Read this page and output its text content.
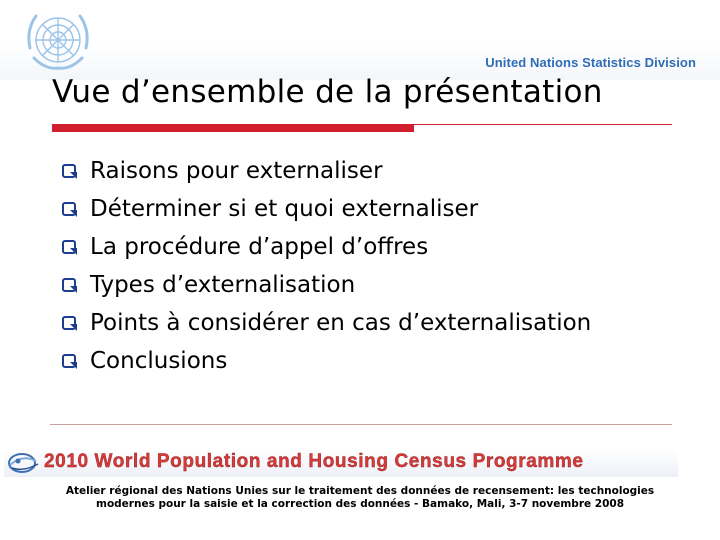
United Nations Statistics Division
Vue d’ensemble de la présentation
Raisons pour externaliser
Déterminer si et quoi externaliser
La procédure d’appel d’offres
Types d’externalisation
Points à considérer en cas d’externalisation
Conclusions
2010 World Population and Housing Census Programme
Atelier régional des Nations Unies sur le traitement des données de recensement: les technologies
modernes pour la saisie et la correction des données - Bamako, Mali, 3-7 novembre 2008
